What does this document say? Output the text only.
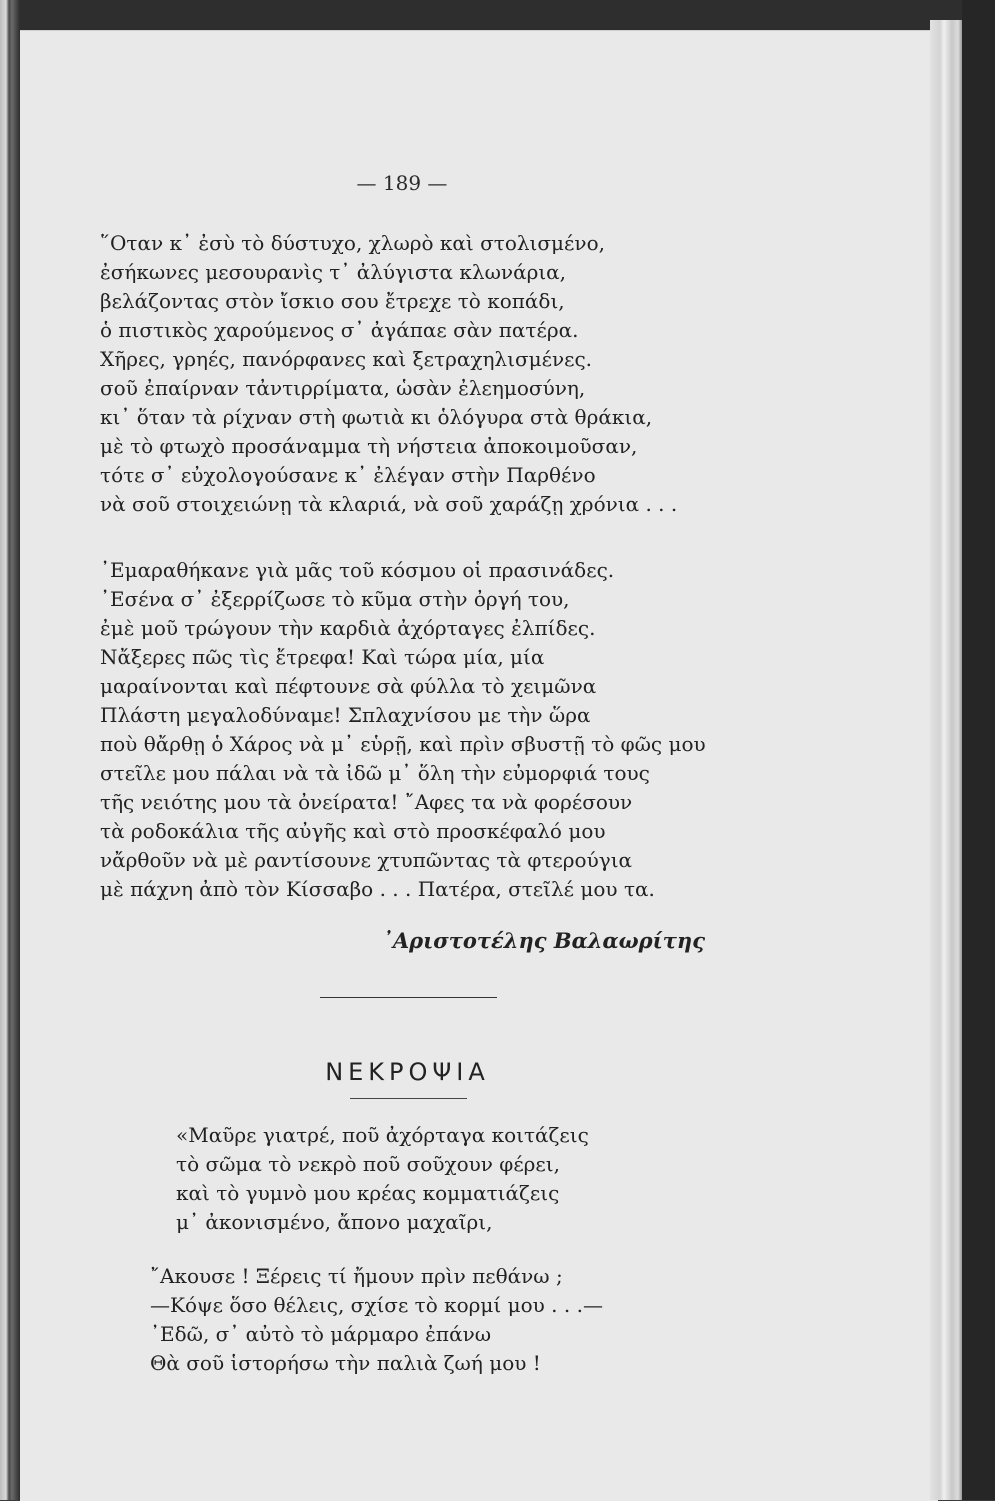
— 189 —
῞Οταν κ᾽ ἐσὺ τὸ δύστυχο, χλωρὸ καὶ στολισμένο,
ἐσήκωνες μεσουρανὶς τ᾽ ἀλύγιστα κλωνάρια,
βελάζοντας στὸν ἴσκιο σου ἔτρεχε τὸ κοπάδι,
ὁ πιστικὸς χαρούμενος σ᾽ ἀγάπαε σὰν πατέρα.
Χῆρες, γρηές, πανόρφανες καὶ ξετραχηλισμένες.
σοῦ ἐπαίρναν τἀντιρρίματα, ὡσὰν ἐλεημοσύνη,
κι᾽ ὅταν τὰ ρίχναν στὴ φωτιὰ κι ὁλόγυρα στὰ θράκια,
μὲ τὸ φτωχὸ προσάναμμα τὴ νήστεια ἀποκοιμοῦσαν,
τότε σ᾽ εὐχολογούσανε κ᾽ ἐλέγαν στὴν Παρθένο
νὰ σοῦ στοιχειώνῃ τὰ κλαριά, νὰ σοῦ χαράζῃ χρόνια . . .
᾽Εμαραθήκανε γιὰ μᾶς τοῦ κόσμου οἱ πρασινάδες.
᾽Εσένα σ᾽ ἐξερρίζωσε τὸ κῦμα στὴν ὀργή του,
ἐμὲ μοῦ τρώγουν τὴν καρδιὰ ἀχόρταγες ἐλπίδες.
Νἄξερες πῶς τὶς ἔτρεφα! Καὶ τώρα μία, μία
μαραίνονται καὶ πέφτουνε σὰ φύλλα τὸ χειμῶνα
Πλάστη μεγαλοδύναμε! Σπλαχνίσου με τὴν ὥρα
ποὺ θἄρθῃ ὁ Χάρος νὰ μ᾽ εὑρῇ, καὶ πρὶν σβυστῇ τὸ φῶς μου
στεῖλε μου πάλαι νὰ τὰ ἰδῶ μ᾽ ὅλη τὴν εὐμορφιά τους
τῆς νειότης μου τὰ ὀνείρατα! ῎Αφες τα νὰ φορέσουν
τὰ ροδοκάλια τῆς αὐγῆς καὶ στὸ προσκέφαλό μου
νἄρθοῦν νὰ μὲ ραντίσουνε χτυπῶντας τὰ φτερούγια
μὲ πάχνη ἀπὸ τὸν Κίσσαβο . . . Πατέρα, στεῖλέ μου τα.
᾽Αριστοτέλης Βαλαωρίτης
ΝΕΚΡΟΨΙΑ
«Μαῦρε γιατρέ, ποῦ ἀχόρταγα κοιτάζεις
τὸ σῶμα τὸ νεκρὸ ποῦ σοῦχουν φέρει,
καὶ τὸ γυμνὸ μου κρέας κομματιάζεις
μ᾽ ἀκονισμένο, ἄπονο μαχαῖρι,
῎Ακουσε ! Ξέρεις τί ἤμουν πρὶν πεθάνω ;
—Κόψε ὅσο θέλεις, σχίσε τὸ κορμί μου . . .—
᾽Εδῶ, σ᾽ αὐτὸ τὸ μάρμαρο ἐπάνω
Θὰ σοῦ ἱστορήσω τὴν παλιὰ ζωή μου !
